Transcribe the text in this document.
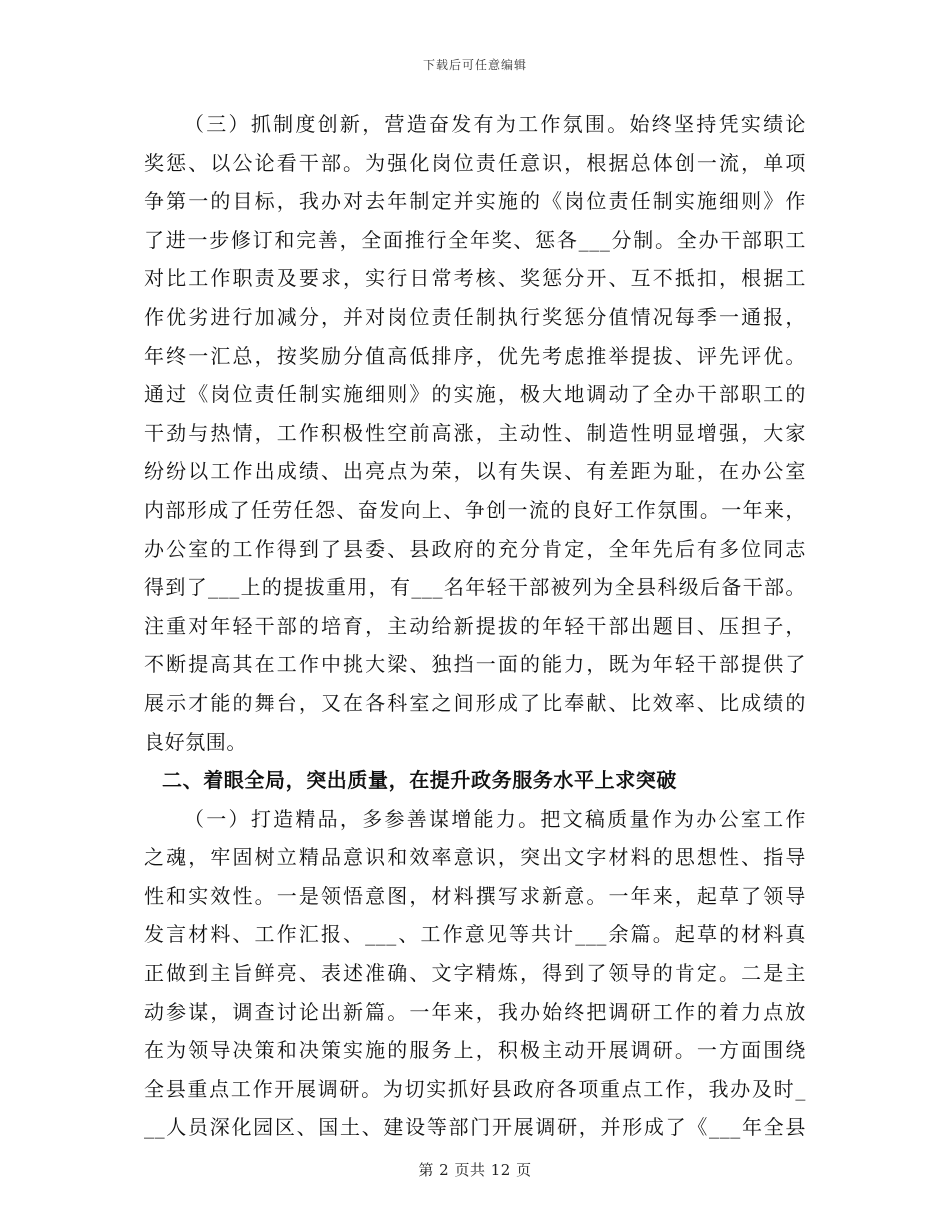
下载后可任意编辑
（三）抓制度创新，营造奋发有为工作氛围。始终坚持凭实绩论
奖惩、以公论看干部。为强化岗位责任意识，根据总体创一流，单项
争第一的目标，我办对去年制定并实施的《岗位责任制实施细则》作
了进一步修订和完善，全面推行全年奖、惩各___分制。全办干部职工
对比工作职责及要求，实行日常考核、奖惩分开、互不抵扣，根据工
作优劣进行加减分，并对岗位责任制执行奖惩分值情况每季一通报，
年终一汇总，按奖励分值高低排序，优先考虑推举提拔、评先评优。
通过《岗位责任制实施细则》的实施，极大地调动了全办干部职工的
干劲与热情，工作积极性空前高涨，主动性、制造性明显增强，大家
纷纷以工作出成绩、出亮点为荣，以有失误、有差距为耻，在办公室
内部形成了任劳任怨、奋发向上、争创一流的良好工作氛围。一年来，
办公室的工作得到了县委、县政府的充分肯定，全年先后有多位同志
得到了___上的提拔重用，有___名年轻干部被列为全县科级后备干部。
注重对年轻干部的培育，主动给新提拔的年轻干部出题目、压担子，
不断提高其在工作中挑大梁、独挡一面的能力，既为年轻干部提供了
展示才能的舞台，又在各科室之间形成了比奉献、比效率、比成绩的
良好氛围。
二、着眼全局，突出质量，在提升政务服务水平上求突破
（一）打造精品，多参善谋增能力。把文稿质量作为办公室工作
之魂，牢固树立精品意识和效率意识，突出文字材料的思想性、指导
性和实效性。一是领悟意图，材料撰写求新意。一年来，起草了领导
发言材料、工作汇报、___、工作意见等共计___余篇。起草的材料真
正做到主旨鲜亮、表述准确、文字精炼，得到了领导的肯定。二是主
动参谋，调查讨论出新篇。一年来，我办始终把调研工作的着力点放
在为领导决策和决策实施的服务上，积极主动开展调研。一方面围绕
全县重点工作开展调研。为切实抓好县政府各项重点工作，我办及时_
__人员深化园区、国土、建设等部门开展调研，并形成了《___年全县
第 2 页共 12 页
